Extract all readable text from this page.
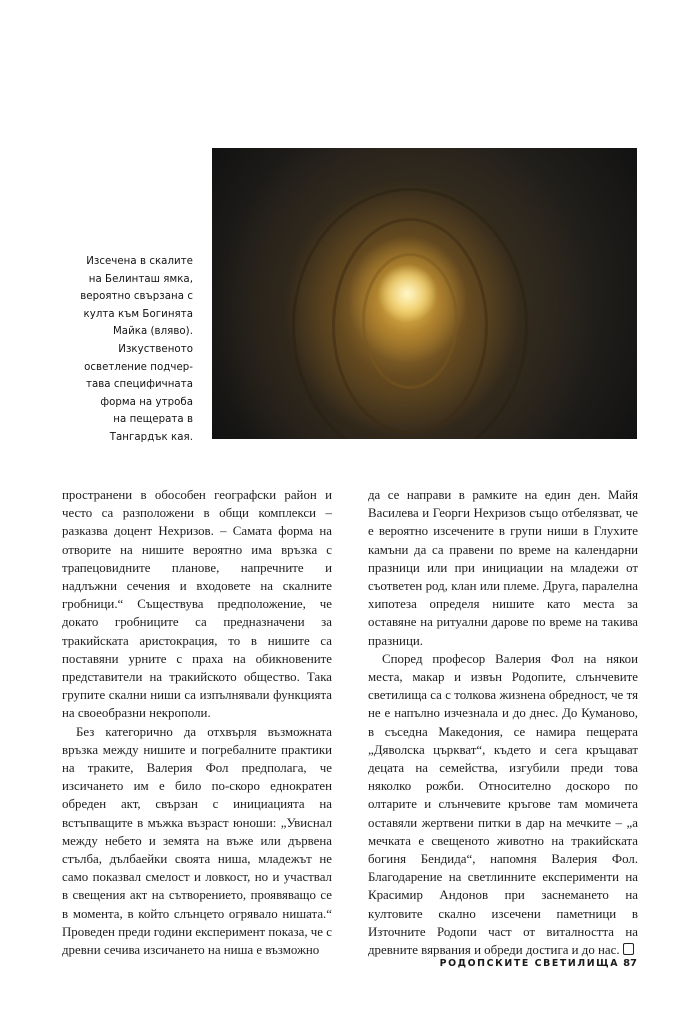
Изсечена в скалите

на Белинташ ямка,

вероятно свързана с

култа към Богинята

Майка (вляво).

Изкуственото

осветление подчер-

тава специфичната

форма на утроба

на пещерата в

Тангардък кая.

пространени в обособен географски район и често са разположени в общи комплекси – разказва доцент Нехризов. – Самата форма на отворите на нишите вероятно има връзка с трапецовидните планове, напречните и надлъжни сечения и входовете на скалните гробници.“ Съществува предположение, че докато гробниците са предназначени за тракийската аристокрация, то в нишите са поставяни урните с праха на обикновените представители на тракийското общество. Така групите скални ниши са изпълнявали функцията на своеобразни некрополи.

Без категорично да отхвърля възможната връзка между нишите и погребалните практики на траките, Валерия Фол предполага, че изсичането им е било по-скоро еднократен обреден акт, свързан с инициацията на встъпващите в мъжка възраст юноши: „Увиснал между небето и земята на въже или дървена стълба, дълбаейки своята ниша, младежът не само показвал смелост и ловкост, но и участвал в свещения акт на сътворението, проявяващо се в момента, в който слънцето огрявало нишата.“ Проведен преди години експеримент показа, че с древни сечива изсичането на ниша е възможно

да се направи в рамките на един ден. Майя Василева и Георги Нехризов също отбелязват, че е вероятно изсечените в групи ниши в Глухите камъни да са правени по време на календарни празници или при инициации на младежи от съответен род, клан или племе. Друга, паралелна хипотеза определя нишите като места за оставяне на ритуални дарове по време на такива празници.

Според професор Валерия Фол на някои места, макар и извън Родопите, слънчевите светилища са с толкова жизнена обредност, че тя не е напълно изчезнала и до днес. До Куманово, в съседна Македония, се намира пещерата „Дяволска църкват“, където и сега кръщават децата на семейства, изгубили преди това няколко рожби. Относително доскоро по олтарите и слънчевите кръгове там момичета оставяли жертвени питки в дар на мечките – „а мечката е свещеното животно на тракийската богиня Бендида“, напомня Валерия Фол. Благодарение на светлинните експерименти на Красимир Андонов при заснемането на култовите скално изсечени паметници в Източните Родопи част от виталността на древните вярвания и обреди достига и до нас.

РОДОПСКИТЕ СВЕТИЛИЩА 87
